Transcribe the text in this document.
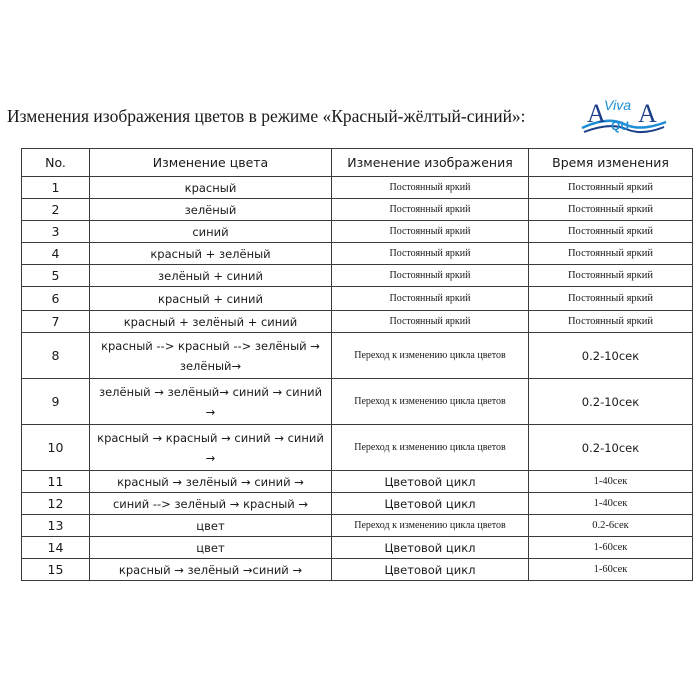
Изменения изображения цветов в режиме «Красный-жёлтый-синий»: A
Viva
QU A
No.	Изменение цвета	Изменение изображения	Время изменения
1	красный	Постоянный яркий	Постоянный яркий
2	зелёный	Постоянный яркий	Постоянный яркий
3	синий	Постоянный яркий	Постоянный яркий
4	красный + зелёный	Постоянный яркий	Постоянный яркий
5	зелёный + синий	Постоянный яркий	Постоянный яркий
6	красный + синий	Постоянный яркий	Постоянный яркий
7	красный + зелёный + синий	Постоянный яркий	Постоянный яркий
8	красный --> красный --> зелёный → зелёный→	Переход к изменению цикла цветов	0.2-10сек
9	зелёный → зелёный→ синий → синий →	Переход к изменению цикла цветов	0.2-10сек
10	красный → красный → синий → синий →	Переход к изменению цикла цветов	0.2-10сек
11	красный → зелёный → синий →	Цветовой цикл	1-40сек
12	синий --> зелёный → красный →	Цветовой цикл	1-40сек
13	цвет	Переход к изменению цикла цветов	0.2-6сек
14	цвет	Цветовой цикл	1-60сек
15	красный → зелёный →синий →	Цветовой цикл	1-60сек
